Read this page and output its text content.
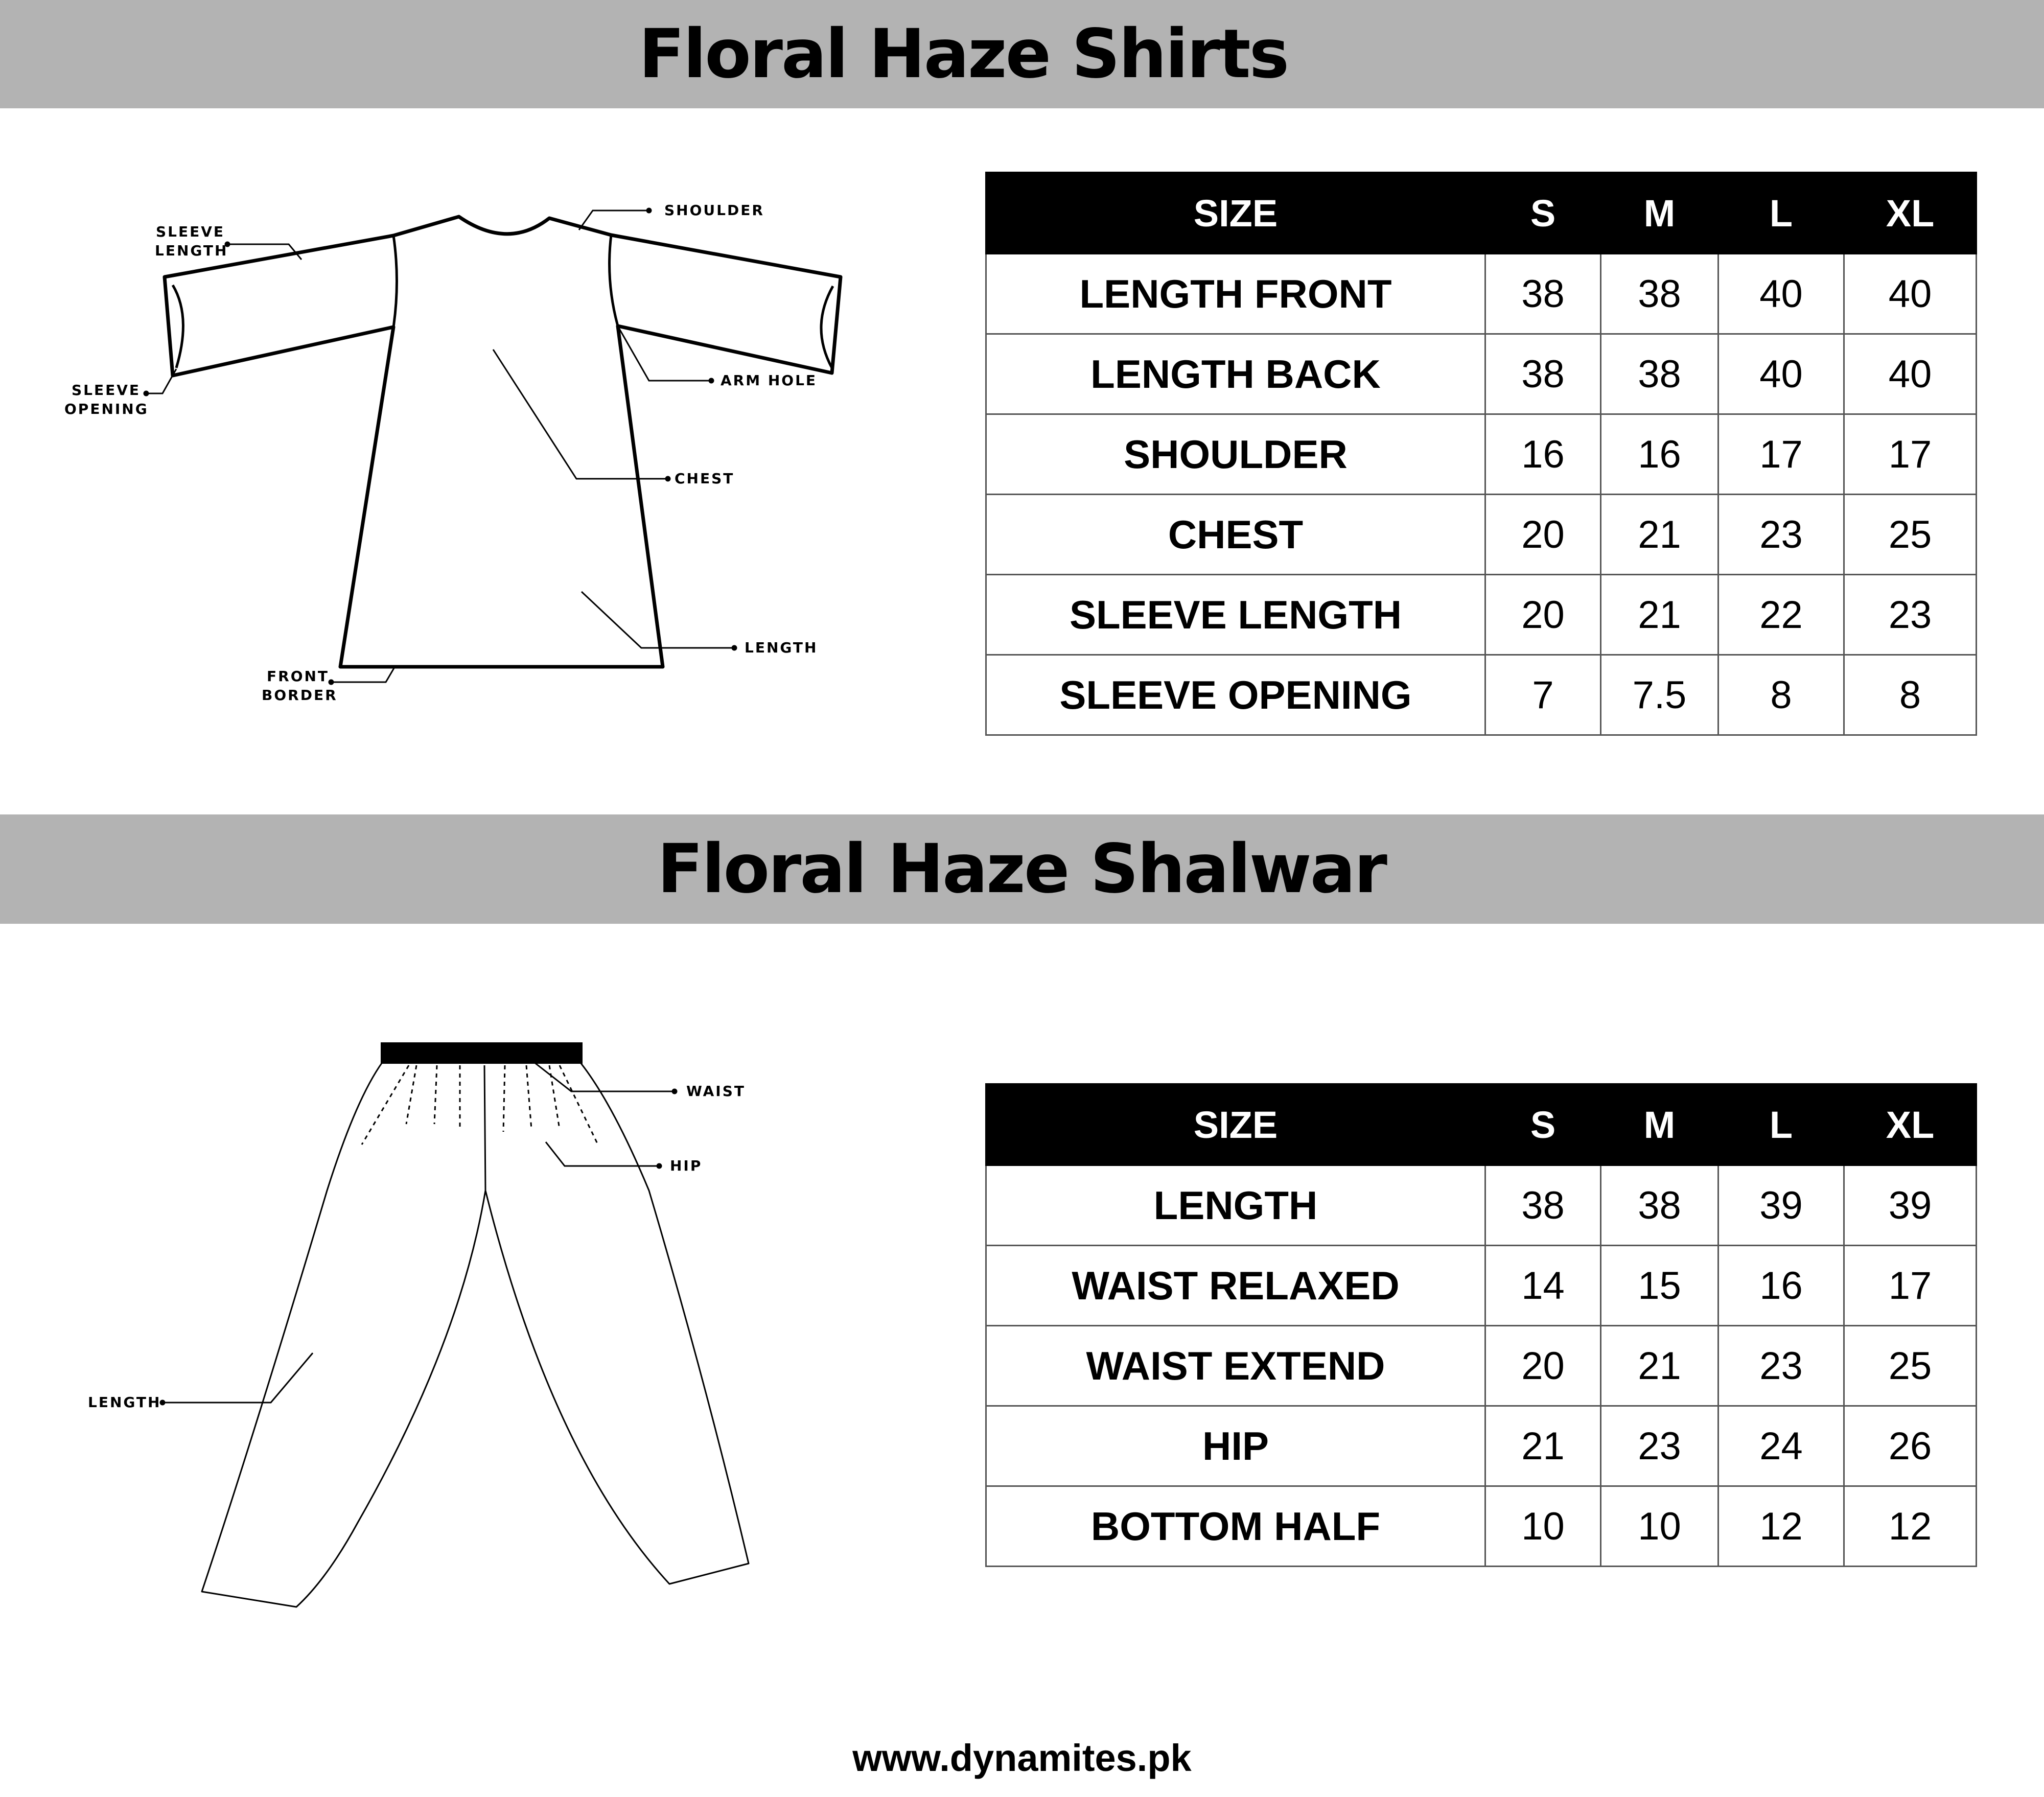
Floral Haze Shirts
SHOULDER
SLEEVE
LENGTH
SLEEVE
OPENING
ARM HOLE
CHEST
LENGTH
FRONT
BORDER
SIZE	S	M	L	XL
LENGTH FRONT	38	38	40	40
LENGTH BACK	38	38	40	40
SHOULDER	16	16	17	17
CHEST	20	21	23	25
SLEEVE LENGTH	20	21	22	23
SLEEVE OPENING	7	7.5	8	8
Floral Haze Shalwar
WAIST
HIP
LENGTH
SIZE	S	M	L	XL
LENGTH	38	38	39	39
WAIST RELAXED	14	15	16	17
WAIST EXTEND	20	21	23	25
HIP	21	23	24	26
BOTTOM HALF	10	10	12	12
www.dynamites.pk
